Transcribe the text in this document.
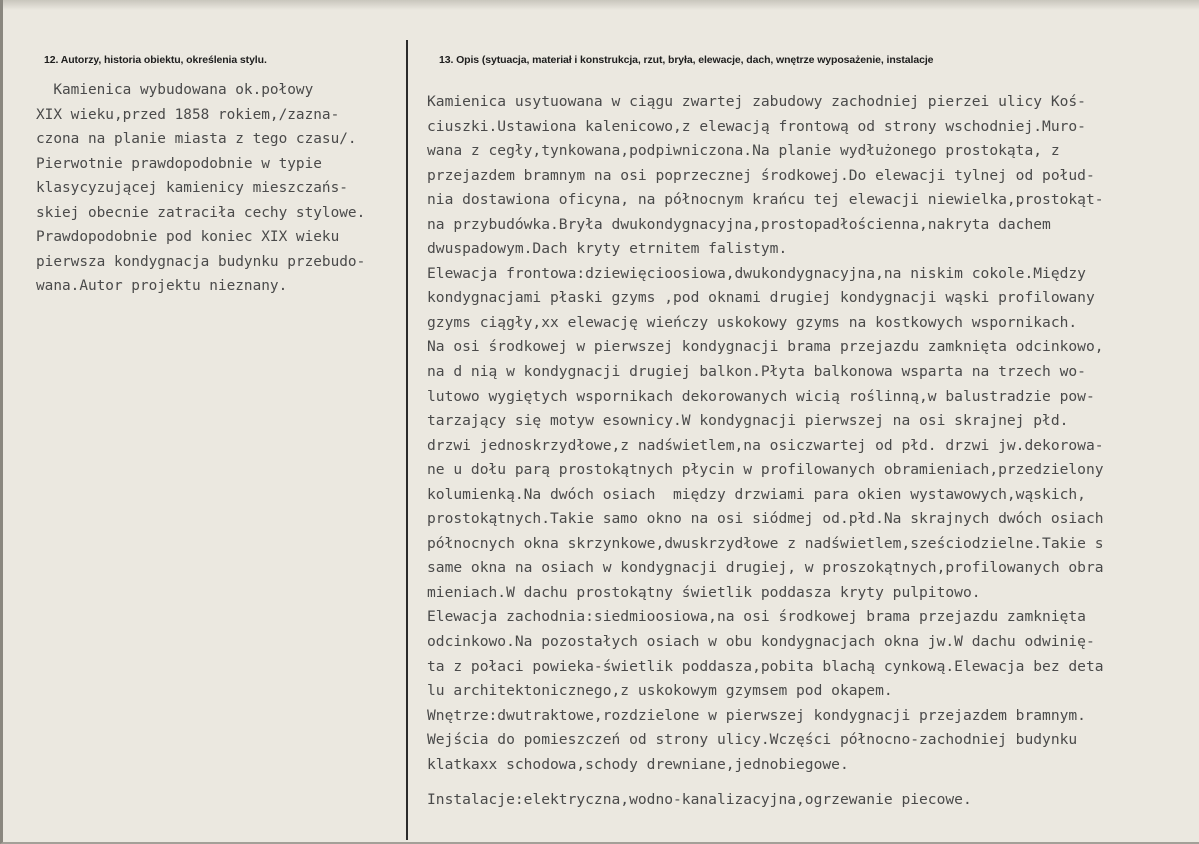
12. Autorzy, historia obiektu, określenia stylu.	13. Opis (sytuacja, materiał i konstrukcja, rzut, bryła, elewacje, dach, wnętrze wyposażenie, instalacje
Kamienica wybudowana ok.połowy
XIX wieku,przed 1858 rokiem,/zazna-
czona na planie miasta z tego czasu/.
Pierwotnie prawdopodobnie w typie
klasycyzującej kamienicy mieszczańs-
skiej obecnie zatraciła cechy stylowe.
Prawdopodobnie pod koniec XIX wieku
pierwsza kondygnacja budynku przebudo-
wana.Autor projektu nieznany.
Kamienica usytuowana w ciągu zwartej zabudowy zachodniej pierzei ulicy Koś-
ciuszki.Ustawiona kalenicowo,z elewacją frontową od strony wschodniej.Muro-
wana z cegły,tynkowana,podpiwniczona.Na planie wydłużonego prostokąta, z
przejazdem bramnym na osi poprzecznej środkowej.Do elewacji tylnej od połud-
nia dostawiona oficyna, na północnym krańcu tej elewacji niewielka,prostokąt-
na przybudówka.Bryła dwukondygnacyjna,prostopadłościenna,nakryta dachem
dwuspadowym.Dach kryty etrnitem falistym.
Elewacja frontowa:dziewięcioosiowa,dwukondygnacyjna,na niskim cokole.Między
kondygnacjami płaski gzyms ,pod oknami drugiej kondygnacji wąski profilowany
gzyms ciągły,xx elewację wieńczy uskokowy gzyms na kostkowych wspornikach.
Na osi środkowej w pierwszej kondygnacji brama przejazdu zamknięta odcinkowo,
na d nią w kondygnacji drugiej balkon.Płyta balkonowa wsparta na trzech wo-
lutowo wygiętych wspornikach dekorowanych wicią roślinną,w balustradzie pow-
tarzający się motyw esownicy.W kondygnacji pierwszej na osi skrajnej płd.
drzwi jednoskrzydłowe,z nadświetlem,na osiczwartej od płd. drzwi jw.dekorowa-
ne u dołu parą prostokątnych płycin w profilowanych obramieniach,przedzielony
kolumienką.Na dwóch osiach  między drzwiami para okien wystawowych,wąskich,
prostokątnych.Takie samo okno na osi siódmej od.płd.Na skrajnych dwóch osiach
północnych okna skrzynkowe,dwuskrzydłowe z nadświetlem,sześciodzielne.Takie s
same okna na osiach w kondygnacji drugiej, w proszokątnych,profilowanych obra
mieniach.W dachu prostokątny świetlik poddasza kryty pulpitowo.
Elewacja zachodnia:siedmioosiowa,na osi środkowej brama przejazdu zamknięta
odcinkowo.Na pozostałych osiach w obu kondygnacjach okna jw.W dachu odwinię-
ta z połaci powieka-świetlik poddasza,pobita blachą cynkową.Elewacja bez deta
lu architektonicznego,z uskokowym gzymsem pod okapem.
Wnętrze:dwutraktowe,rozdzielone w pierwszej kondygnacji przejazdem bramnym.
Wejścia do pomieszczeń od strony ulicy.Wczęści północno-zachodniej budynku
klatkaxx schodowa,schody drewniane,jednobiegowe.
Instalacje:elektryczna,wodno-kanalizacyjna,ogrzewanie piecowe.
